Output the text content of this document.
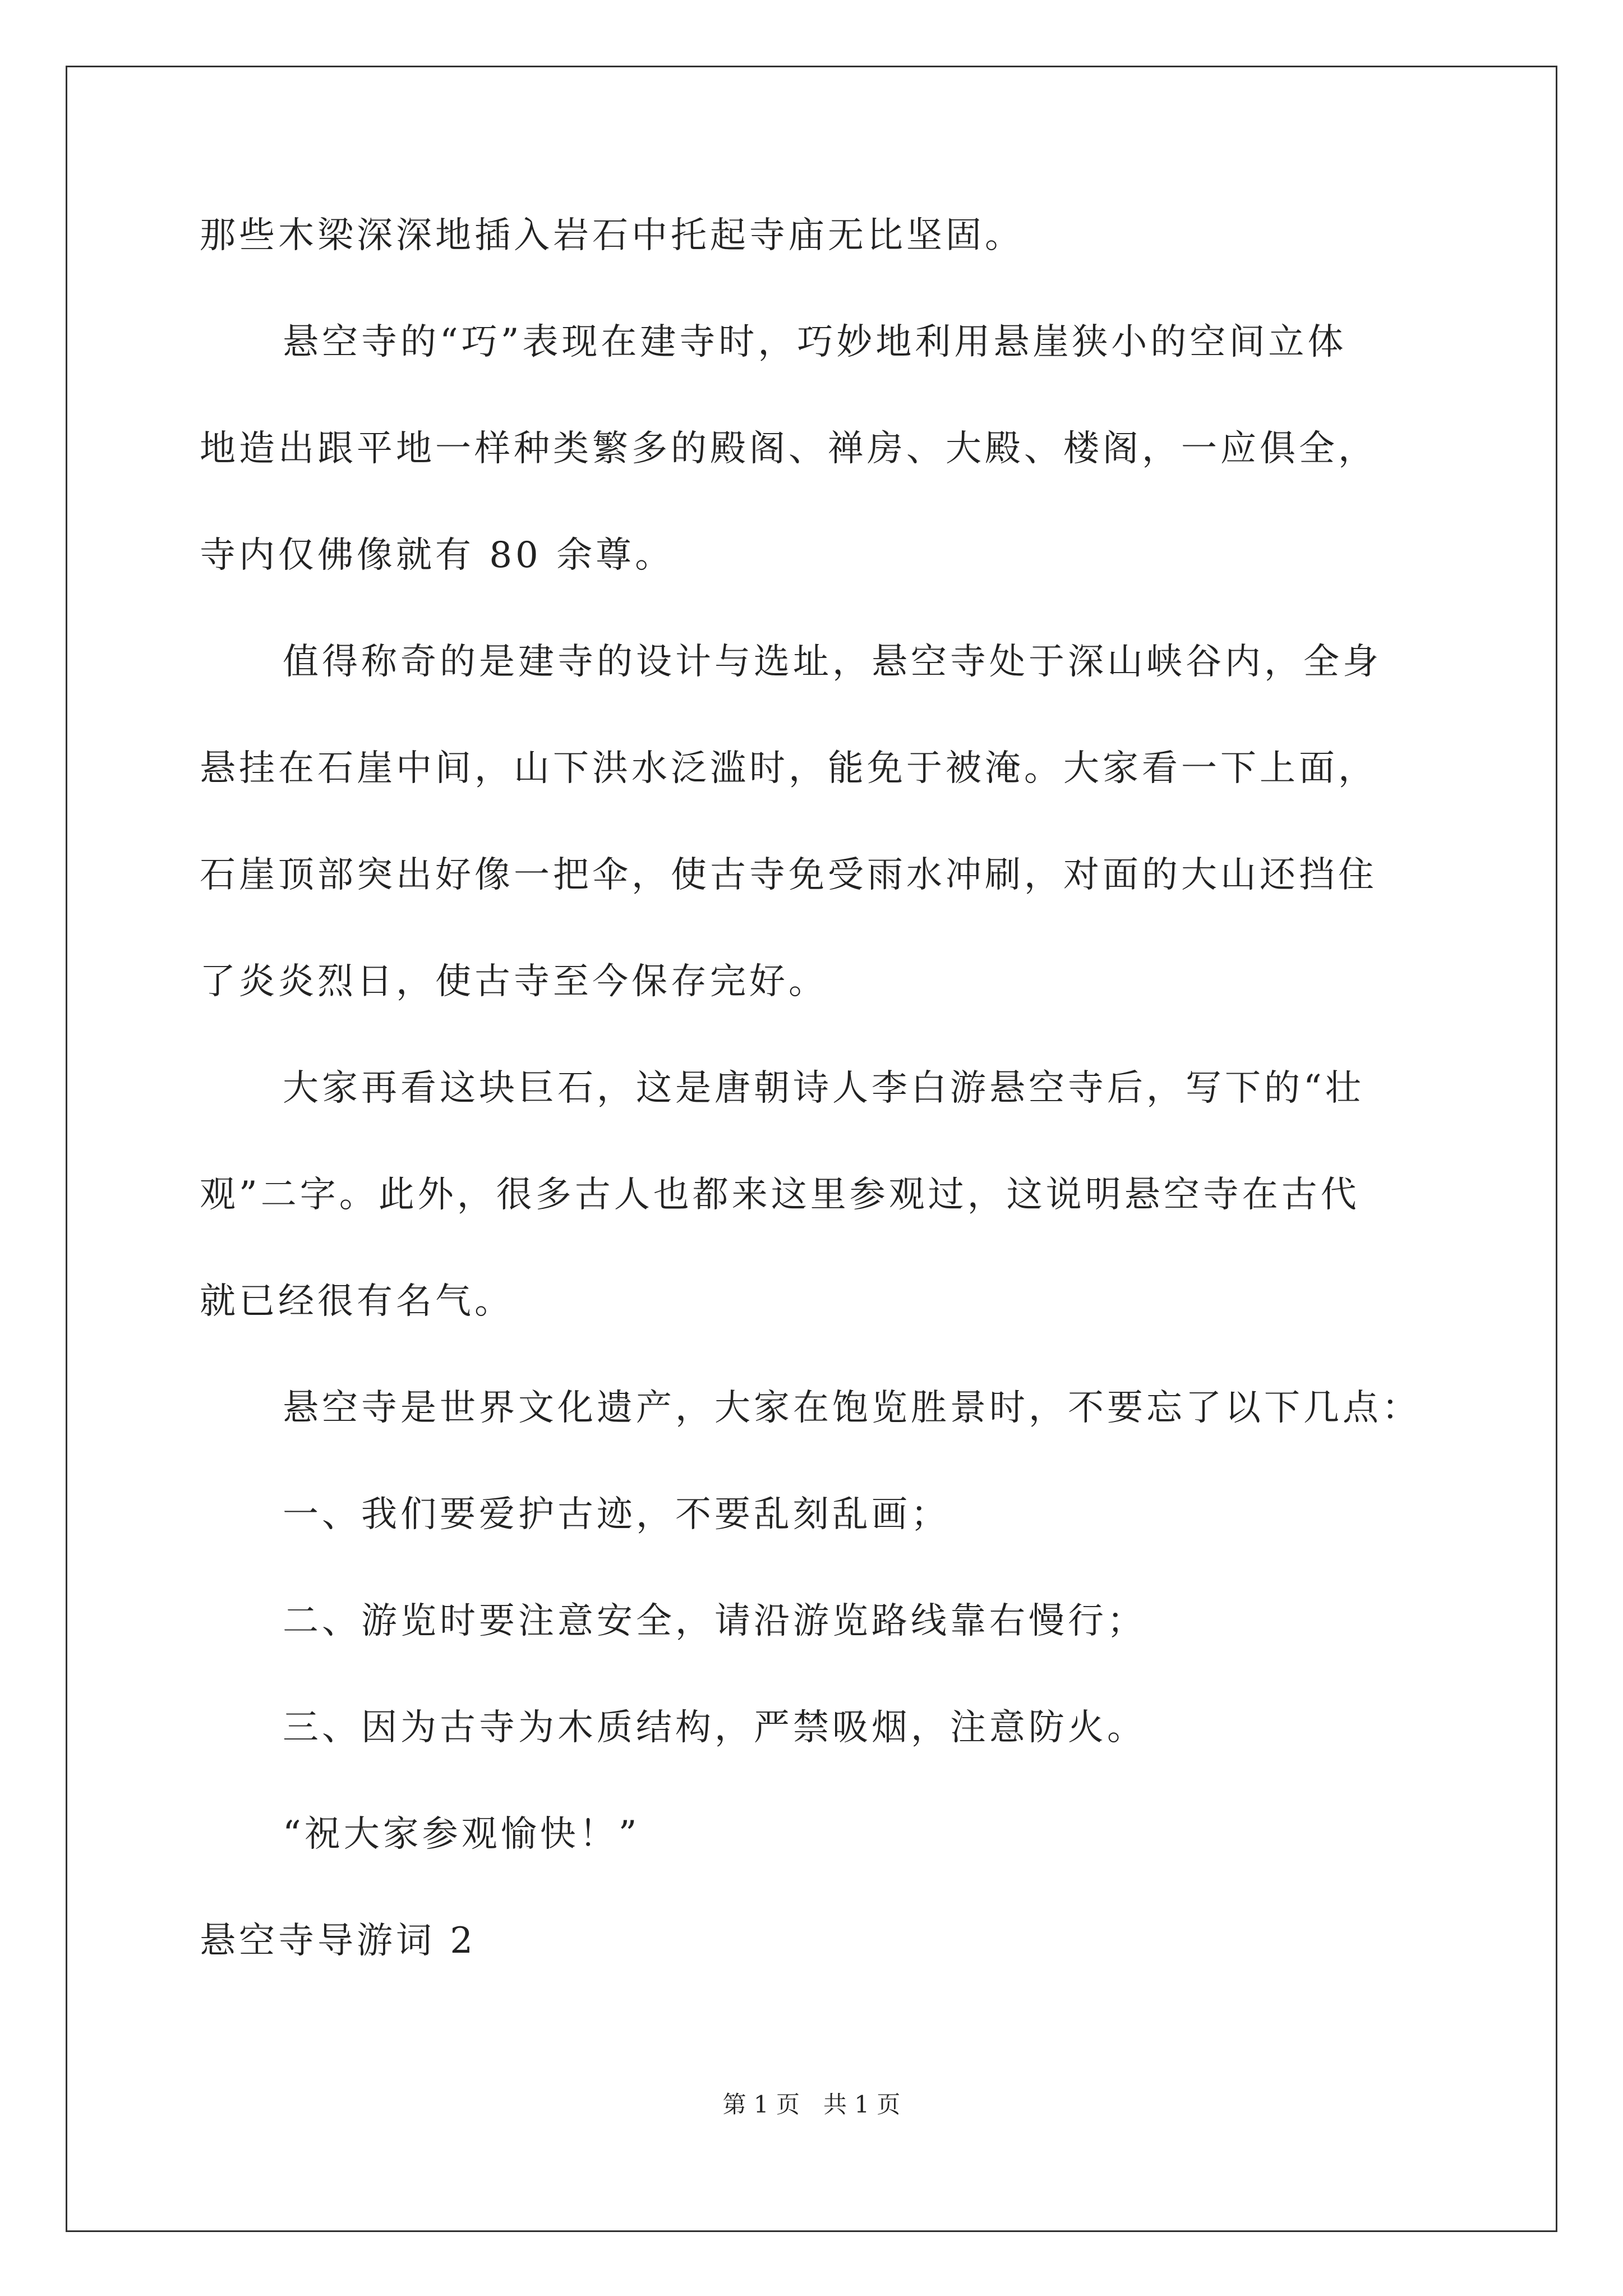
那些木梁深深地插入岩石中托起寺庙无比坚固。
悬空寺的“巧”表现在建寺时，巧妙地利用悬崖狭小的空间立体
地造出跟平地一样种类繁多的殿阁、禅房、大殿、楼阁，一应俱全，
寺内仅佛像就有 80 余尊。
值得称奇的是建寺的设计与选址，悬空寺处于深山峡谷内，全身
悬挂在石崖中间，山下洪水泛滥时，能免于被淹。大家看一下上面，
石崖顶部突出好像一把伞，使古寺免受雨水冲刷，对面的大山还挡住
了炎炎烈日，使古寺至今保存完好。
大家再看这块巨石，这是唐朝诗人李白游悬空寺后，写下的“壮
观”二字。此外，很多古人也都来这里参观过，这说明悬空寺在古代
就已经很有名气。
悬空寺是世界文化遗产，大家在饱览胜景时，不要忘了以下几点：
一、我们要爱护古迹，不要乱刻乱画；
二、游览时要注意安全，请沿游览路线靠右慢行；
三、因为古寺为木质结构，严禁吸烟，注意防火。
“祝大家参观愉快！”
悬空寺导游词 2
第 1 页　共 1 页
